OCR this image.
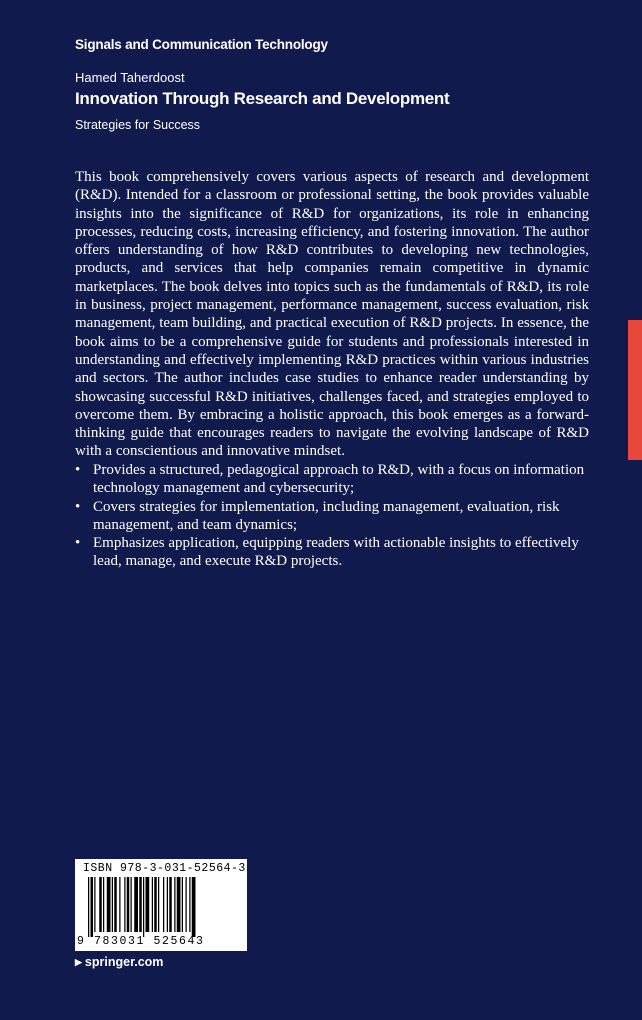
Signals and Communication Technology
Hamed Taherdoost
Innovation Through Research and Development
Strategies for Success

This book comprehensively covers various aspects of research and development (R&D). Intended for a classroom or professional setting, the book provides valuable insights into the significance of R&D for organizations, its role in enhancing processes, reducing costs, increasing efficiency, and fostering innovation. The author offers understanding of how R&D contributes to developing new technologies, products, and services that help companies remain competitive in dynamic marketplaces. The book delves into topics such as the fundamentals of R&D, its role in business, project management, performance management, success evaluation, risk management, team building, and practical execution of R&D projects. In essence, the book aims to be a comprehensive guide for students and professionals interested in understanding and effectively implementing R&D practices within various industries and sectors. The author includes case studies to enhance reader understanding by showcasing successful R&D initiatives, challenges faced, and strategies employed to overcome them. By embracing a holistic approach, this book emerges as a forward-thinking guide that encourages readers to navigate the evolving landscape of R&D with a conscientious and innovative mindset.

• Provides a structured, pedagogical approach to R&D, with a focus on information technology management and cybersecurity;
• Covers strategies for implementation, including management, evaluation, risk management, and team dynamics;
• Emphasizes application, equipping readers with actionable insights to effectively lead, manage, and execute R&D projects.
ISBN 978-3-031-52564-3
9 783031 525643
▶ springer.com
